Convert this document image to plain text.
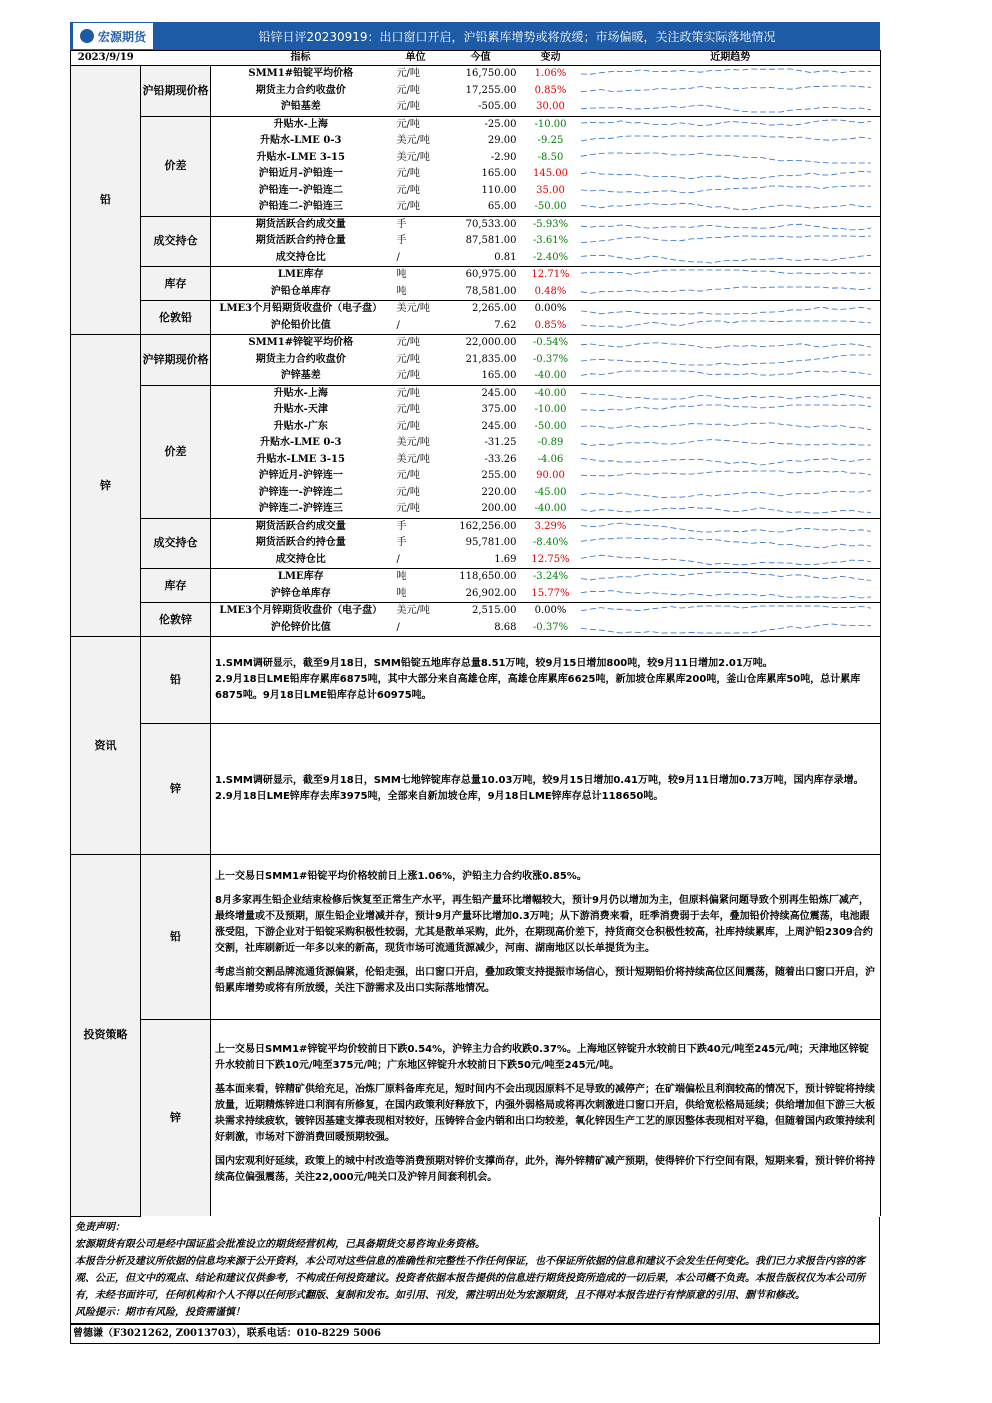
宏源期货	铅锌日评20230919：出口窗口开启，沪铅累库增势或将放缓；市场偏暖，关注政策实际落地情况
2023/9/19		指标	单位	今值	变动	近期趋势
铅	沪铅期现价格	SMM1#铅锭平均价格	元/吨	16,750.00	1.06%	

		期货主力合约收盘价	元/吨	17,255.00	0.85%	

		沪铅基差	元/吨	-505.00	30.00	

	价差	升贴水-上海	元/吨	-25.00	-10.00	

		升贴水-LME 0-3	美元/吨	29.00	-9.25	

		升贴水-LME 3-15	美元/吨	-2.90	-8.50	

		沪铅近月-沪铅连一	元/吨	165.00	145.00	

		沪铅连一-沪铅连二	元/吨	110.00	35.00	

		沪铅连二-沪铅连三	元/吨	65.00	-50.00	

	成交持仓	期货活跃合约成交量	手	70,533.00	-5.93%	

		期货活跃合约持仓量	手	87,581.00	-3.61%	

		成交持仓比	/	0.81	-2.40%	

	库存	LME库存	吨	60,975.00	12.71%	

		沪铅仓单库存	吨	78,581.00	0.48%	

	伦敦铅	LME3个月铅期货收盘价（电子盘）	美元/吨	2,265.00	0.00%	

		沪伦铅价比值	/	7.62	0.85%	

锌	沪锌期现价格	SMM1#锌锭平均价格	元/吨	22,000.00	-0.54%	

		期货主力合约收盘价	元/吨	21,835.00	-0.37%	

		沪锌基差	元/吨	165.00	-40.00	

	价差	升贴水-上海	元/吨	245.00	-40.00	

		升贴水-天津	元/吨	375.00	-10.00	

		升贴水-广东	元/吨	245.00	-50.00	

		升贴水-LME 0-3	美元/吨	-31.25	-0.89	

		升贴水-LME 3-15	美元/吨	-33.26	-4.06	

		沪锌近月-沪锌连一	元/吨	255.00	90.00	

		沪锌连一-沪锌连二	元/吨	220.00	-45.00	

		沪锌连二-沪锌连三	元/吨	200.00	-40.00	

	成交持仓	期货活跃合约成交量	手	162,256.00	3.29%	

		期货活跃合约持仓量	手	95,781.00	-8.40%	

		成交持仓比	/	1.69	12.75%	

	库存	LME库存	吨	118,650.00	-3.24%	

		沪锌仓单库存	吨	26,902.00	15.77%	

	伦敦锌	LME3个月锌期货收盘价（电子盘）	美元/吨	2,515.00	0.00%	

		沪伦锌价比值	/	8.68	-0.37%	

资讯	铅	1.SMM调研显示，截至9月18日，SMM铅锭五地库存总量8.51万吨，较9月15日增加800吨，较9月11日增加2.01万吨。
2.9月18日LME铅库存累库6875吨，其中大部分来自高雄仓库，高雄仓库累库6625吨，新加坡仓库累库200吨，釜山仓库累库50吨，总计累库6875吨。9月18日LME铅库存总计60975吨。				

	锌	1.SMM调研显示，截至9月18日，SMM七地锌锭库存总量10.03万吨，较9月15日增加0.41万吨，较9月11日增加0.73万吨，国内库存录增。
2.9月18日LME锌库存去库3975吨，全部来自新加坡仓库，9月18日LME锌库存总计118650吨。				

投资策略	铅	上一交易日SMM1#铅锭平均价格较前日上涨1.06%，沪铅主力合约收涨0.85%。
8月多家再生铅企业结束检修后恢复至正常生产水平，再生铅产量环比增幅较大，预计9月仍以增加为主，但原料偏紧问题导致个别再生铅炼厂减产，最终增量或不及预期，原生铅企业增减并存，预计9月产量环比增加0.3万吨；从下游消费来看，旺季消费弱于去年，叠加铅价持续高位震荡，电池跟涨受阻，下游企业对于铅锭采购积极性较弱，尤其是散单采购，此外，在期现高价差下，持货商交仓积极性较高，社库持续累库，上周沪铅2309合约交割，社库刷新近一年多以来的新高，现货市场可流通货源减少，河南、湖南地区以长单提货为主。
考虑当前交割品牌流通货源偏紧，伦铅走强，出口窗口开启，叠加政策支持提振市场信心，预计短期铅价将持续高位区间震荡，随着出口窗口开启，沪铅累库增势或将有所放缓，关注下游需求及出口实际落地情况。				

	锌	上一交易日SMM1#锌锭平均价较前日下跌0.54%，沪锌主力合约收跌0.37%。上海地区锌锭升水较前日下跌40元/吨至245元/吨；天津地区锌锭升水较前日下跌10元/吨至375元/吨；广东地区锌锭升水较前日下跌50元/吨至245元/吨。
基本面来看，锌精矿供给充足，冶炼厂原料备库充足，短时间内不会出现因原料不足导致的减停产；在矿端偏松且利润较高的情况下，预计锌锭将持续放量，近期精炼锌进口利润有所修复，在国内政策利好释放下，内强外弱格局或将再次刺激进口窗口开启，供给宽松格局延续；供给增加但下游三大板块需求持续疲软，镀锌因基建支撑表现相对较好，压铸锌合金内销和出口均较差，氧化锌因生产工艺的原因整体表现相对平稳，但随着国内政策持续利好刺激，市场对下游消费回暖预期较强。
国内宏观利好延续，政策上的城中村改造等消费预期对锌价支撑尚存，此外，海外锌精矿减产预期，使得锌价下行空间有限，短期来看，预计锌价将持续高位偏强震荡，关注22,000元/吨关口及沪锌月间套利机会。				
免责声明：
宏源期货有限公司是经中国证监会批准设立的期货经营机构，已具备期货交易咨询业务资格。
本报告分析及建议所依据的信息均来源于公开资料，本公司对这些信息的准确性和完整性不作任何保证，也不保证所依据的信息和建议不会发生任何变化。我们已力求报告内容的客观、公正，但文中的观点、结论和建议仅供参考，不构成任何投资建议。投资者依据本报告提供的信息进行期货投资所造成的一切后果，本公司概不负责。本报告版权仅为本公司所有，未经书面许可，任何机构和个人不得以任何形式翻版、复制和发布。如引用、刊发，需注明出处为宏源期货，且不得对本报告进行有悖原意的引用、删节和修改。
风险提示：期市有风险，投资需谨慎！
曾德谦（F3021262, Z0013703），联系电话：010-8229 5006
